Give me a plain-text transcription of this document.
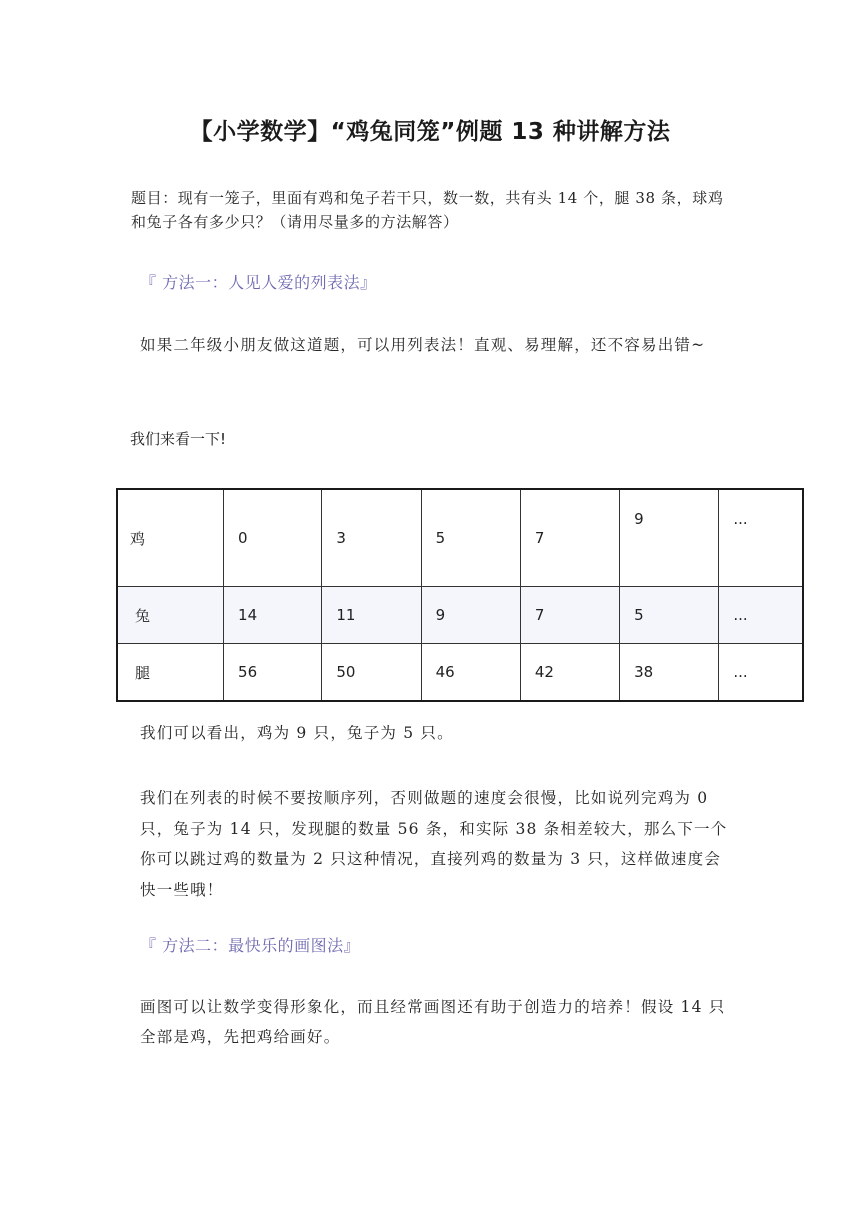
【小学数学】“鸡兔同笼”例题 13 种讲解方法
题目：现有一笼子，里面有鸡和兔子若干只，数一数，共有头 14 个，腿 38 条，球鸡和兔子各有多少只？（请用尽量多的方法解答）
『 方法一：人见人爱的列表法』
如果二年级小朋友做这道题，可以用列表法！直观、易理解，还不容易出错~
我们来看一下!
鸡	0	3	5	7	9	...
兔	14	11	9	7	5	...
腿	56	50	46	42	38	...
我们可以看出，鸡为 9 只，兔子为 5 只。
我们在列表的时候不要按顺序列，否则做题的速度会很慢，比如说列完鸡为 0 只，兔子为 14 只，发现腿的数量 56 条，和实际 38 条相差较大，那么下一个你可以跳过鸡的数量为 2 只这种情况，直接列鸡的数量为 3 只，这样做速度会快一些哦！
『 方法二：最快乐的画图法』
画图可以让数学变得形象化，而且经常画图还有助于创造力的培养！假设 14 只全部是鸡，先把鸡给画好。
